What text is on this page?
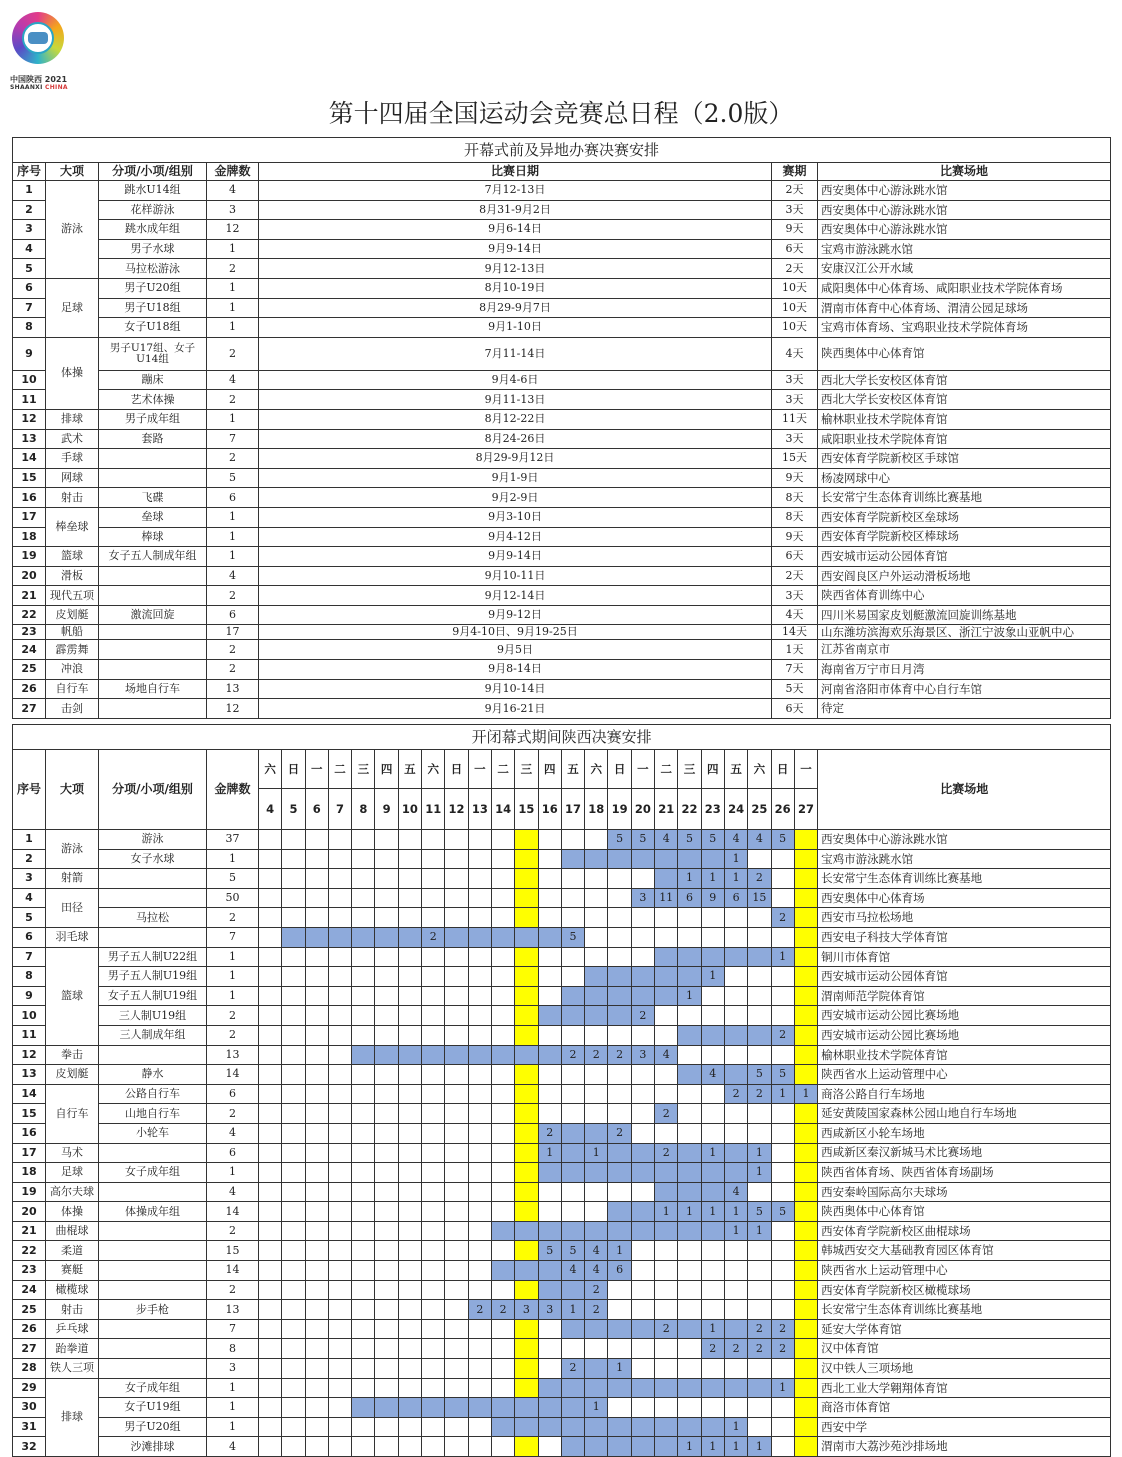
中国陕西 2021
SHAANXI CHINA
第十四届全国运动会竞赛总日程（2.0版）
开幕式前及异地办赛决赛安排						
序号	大项	分项/小项/组别	金牌数	比赛日期	赛期	比赛场地
1	游泳	跳水U14组	4	7月12-13日	2天	西安奥体中心游泳跳水馆
2		花样游泳	3	8月31-9月2日	3天	西安奥体中心游泳跳水馆
3		跳水成年组	12	9月6-14日	9天	西安奥体中心游泳跳水馆
4		男子水球	1	9月9-14日	6天	宝鸡市游泳跳水馆
5		马拉松游泳	2	9月12-13日	2天	安康汉江公开水域
6	足球	男子U20组	1	8月10-19日	10天	咸阳奥体中心体育场、咸阳职业技术学院体育场
7		男子U18组	1	8月29-9月7日	10天	渭南市体育中心体育场、渭清公园足球场
8		女子U18组	1	9月1-10日	10天	宝鸡市体育场、宝鸡职业技术学院体育场
9	体操	男子U17组、女子U14组	2	7月11-14日	4天	陕西奥体中心体育馆
10		蹦床	4	9月4-6日	3天	西北大学长安校区体育馆
11		艺术体操	2	9月11-13日	3天	西北大学长安校区体育馆
12	排球	男子成年组	1	8月12-22日	11天	榆林职业技术学院体育馆
13	武术	套路	7	8月24-26日	3天	咸阳职业技术学院体育馆
14	手球		2	8月29-9月12日	15天	西安体育学院新校区手球馆
15	网球		5	9月1-9日	9天	杨凌网球中心
16	射击	飞碟	6	9月2-9日	8天	长安常宁生态体育训练比赛基地
17	棒垒球	垒球	1	9月3-10日	8天	西安体育学院新校区垒球场
18		棒球	1	9月4-12日	9天	西安体育学院新校区棒球场
19	篮球	女子五人制成年组	1	9月9-14日	6天	西安城市运动公园体育馆
20	滑板		4	9月10-11日	2天	西安阎良区户外运动滑板场地
21	现代五项		2	9月12-14日	3天	陕西省体育训练中心
22	皮划艇	激流回旋	6	9月9-12日	4天	四川米易国家皮划艇激流回旋训练基地
23	帆船		17	9月4-10日、9月19-25日	14天	山东潍坊滨海欢乐海景区、浙江宁波象山亚帆中心
24	霹雳舞		2	9月5日	1天	江苏省南京市
25	冲浪		2	9月8-14日	7天	海南省万宁市日月湾
26	自行车	场地自行车	13	9月10-14日	5天	河南省洛阳市体育中心自行车馆
27	击剑		12	9月16-21日	6天	待定
开闭幕式期间陕西决赛安排																												
序号	大项	分项/小项/组别	金牌数	六	日	一	二	三	四	五	六	日	一	二	三	四	五	六	日	一	二	三	四	五	六	日	一	比赛场地
				4	5	6	7	8	9	10	11	12	13	14	15	16	17	18	19	20	21	22	23	24	25	26	27	
1	游泳	游泳	37																5	5	4	5	5	4	4	5		西安奥体中心游泳跳水馆
2		女子水球	1																					1				宝鸡市游泳跳水馆
3	射箭		5																			1	1	1	2			长安常宁生态体育训练比赛基地
4	田径		50																	3	11	6	9	6	15			西安奥体中心体育场
5		马拉松	2																							2		西安市马拉松场地
6	羽毛球		7								2						5											西安电子科技大学体育馆
7	篮球	男子五人制U22组	1																							1		铜川市体育馆
8		男子五人制U19组	1																				1					西安城市运动公园体育馆
9		女子五人制U19组	1																			1						渭南师范学院体育馆
10		三人制U19组	2																	2								西安城市运动公园比赛场地
11		三人制成年组	2																							2		西安城市运动公园比赛场地
12	拳击		13														2	2	2	3	4							榆林职业技术学院体育馆
13	皮划艇	静水	14																				4		5	5		陕西省水上运动管理中心
14	自行车	公路自行车	6																					2	2	1	1	商洛公路自行车场地
15		山地自行车	2																		2							延安黄陵国家森林公园山地自行车场地
16		小轮车	4													2			2									西咸新区小轮车场地
17	马术		6													1		1			2		1		1			西咸新区秦汉新城马术比赛场地
18	足球	女子成年组	1																						1			陕西省体育场、陕西省体育场副场
19	高尔夫球		4																					4				西安秦岭国际高尔夫球场
20	体操	体操成年组	14																		1	1	1	1	5	5		陕西奥体中心体育馆
21	曲棍球		2																					1	1			西安体育学院新校区曲棍球场
22	柔道		15													5	5	4	1									韩城西安交大基础教育园区体育馆
23	赛艇		14														4	4	6									陕西省水上运动管理中心
24	橄榄球		2															2										西安体育学院新校区橄榄球场
25	射击	步手枪	13										2	2	3	3	1	2										长安常宁生态体育训练比赛基地
26	乒乓球		7																		2		1		2	2		延安大学体育馆
27	跆拳道		8																				2	2	2	2		汉中体育馆
28	铁人三项		3														2		1									汉中铁人三项场地
29	排球	女子成年组	1																							1		西北工业大学翱翔体育馆
30		女子U19组	1															1										商洛市体育馆
31		男子U20组	1																					1				西安中学
32		沙滩排球	4																			1	1	1	1			渭南市大荔沙苑沙排场地
